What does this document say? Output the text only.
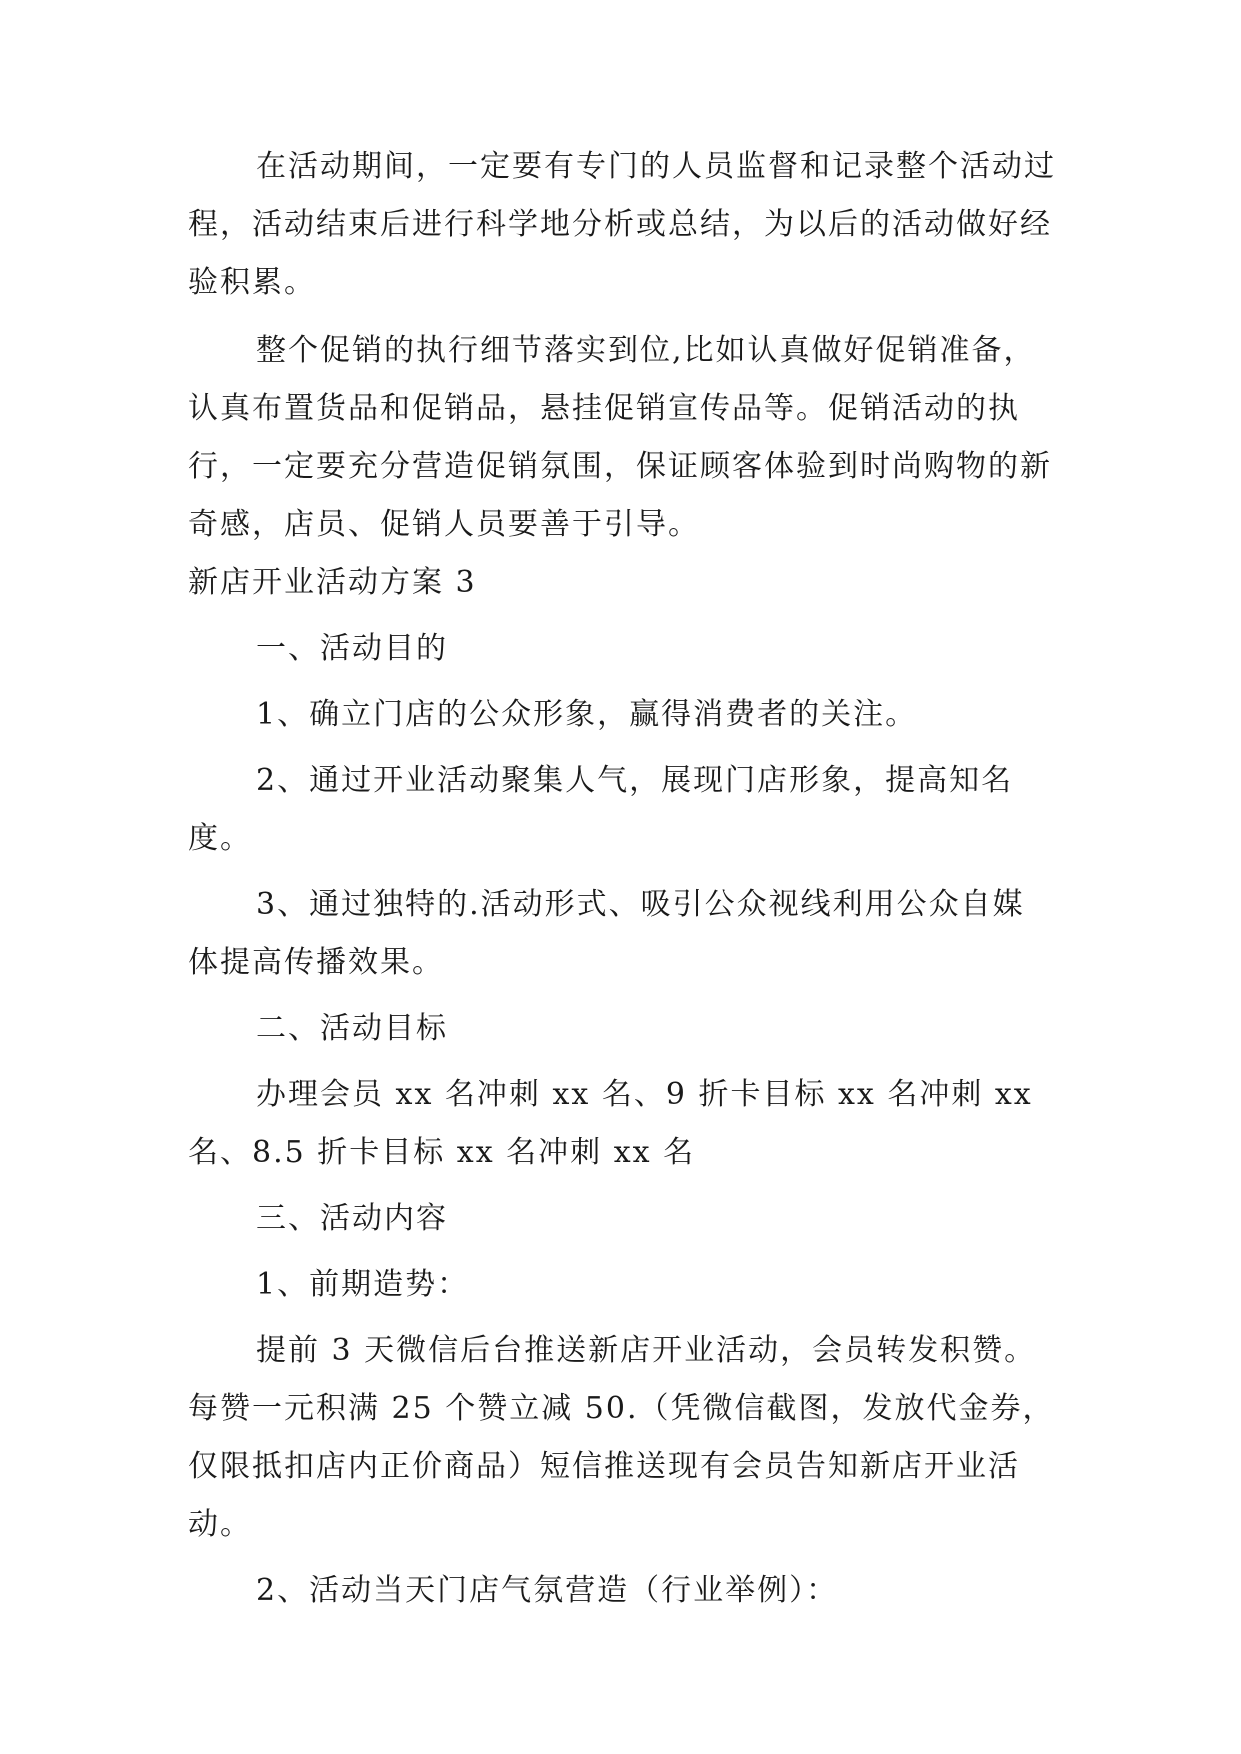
在活动期间，一定要有专门的人员监督和记录整个活动过程，活动结束后进行科学地分析或总结，为以后的活动做好经验积累。

整个促销的执行细节落实到位,比如认真做好促销准备，认真布置货品和促销品，悬挂促销宣传品等。促销活动的执行，一定要充分营造促销氛围，保证顾客体验到时尚购物的新奇感，店员、促销人员要善于引导。

新店开业活动方案 3

一、活动目的

1、确立门店的公众形象，赢得消费者的关注。

2、通过开业活动聚集人气，展现门店形象，提高知名度。

3、通过独特的.活动形式、吸引公众视线利用公众自媒体提高传播效果。

二、活动目标

办理会员 xx 名冲刺 xx 名、9 折卡目标 xx 名冲刺 xx 名、8.5 折卡目标 xx 名冲刺 xx 名

三、活动内容

1、前期造势：

提前 3 天微信后台推送新店开业活动，会员转发积赞。每赞一元积满 25 个赞立减 50.（凭微信截图，发放代金券，仅限抵扣店内正价商品）短信推送现有会员告知新店开业活动。

2、活动当天门店气氛营造（行业举例）：
